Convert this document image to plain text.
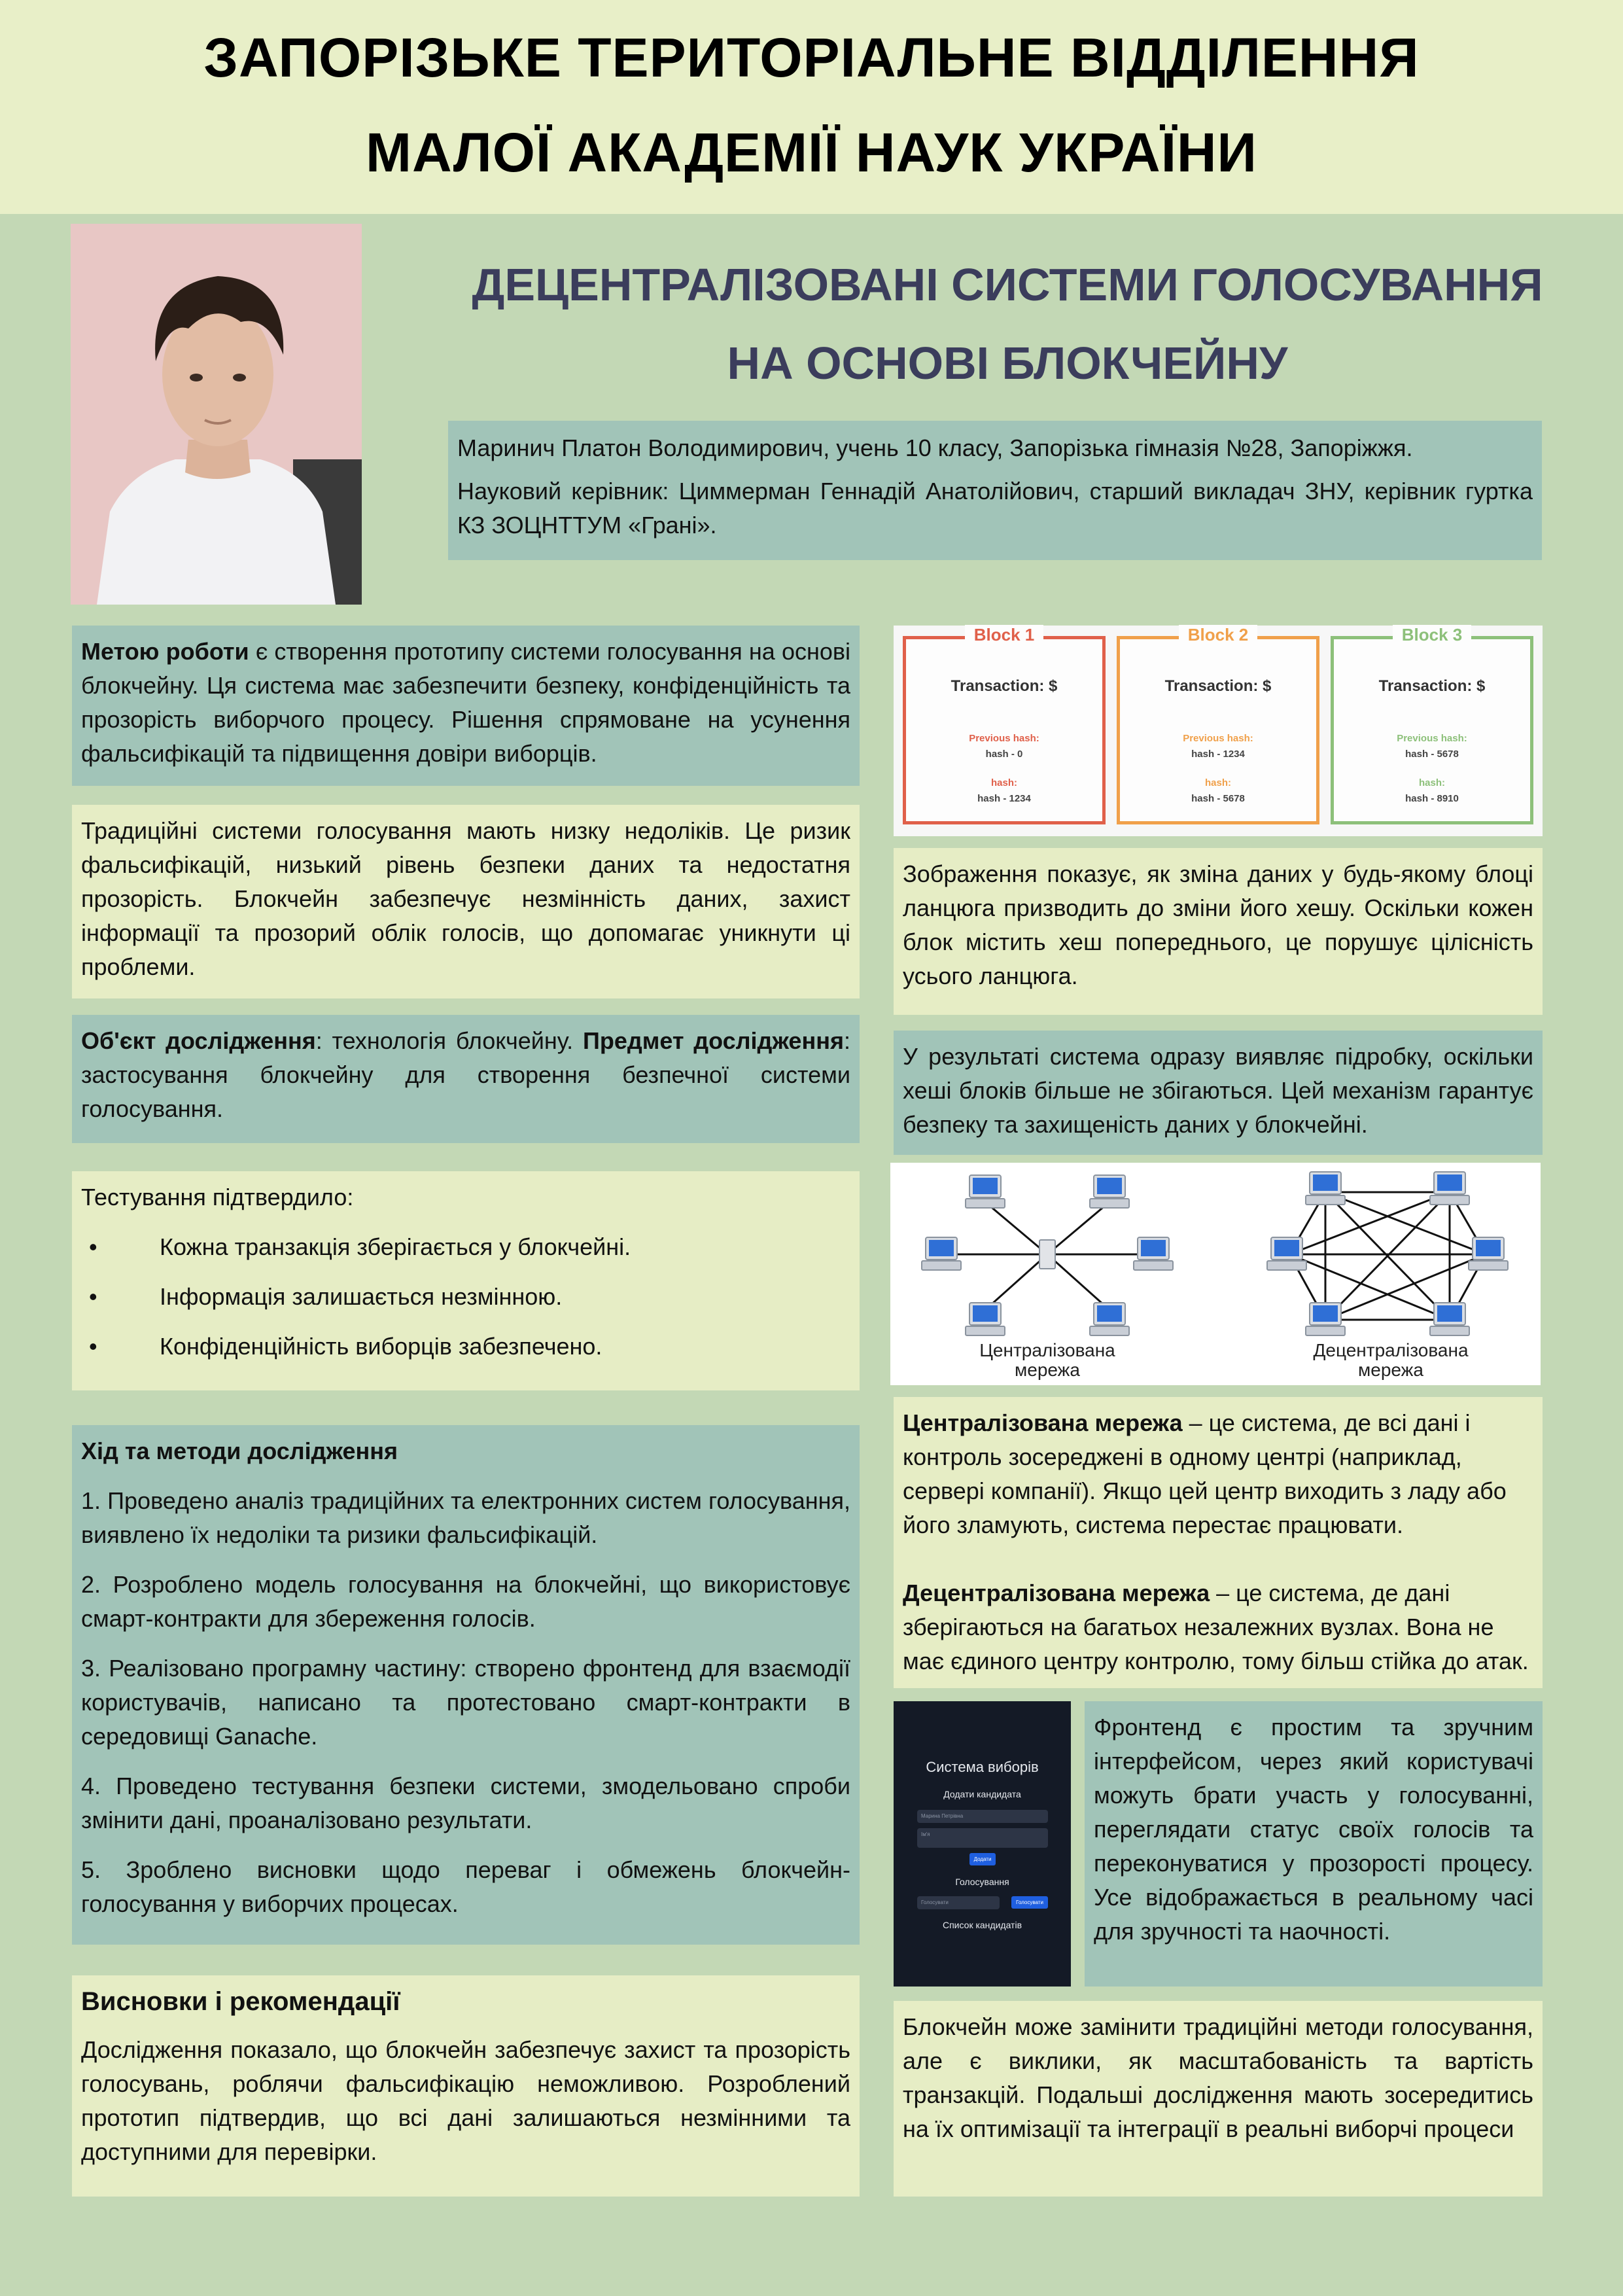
ЗАПОРІЗЬКЕ ТЕРИТОРІАЛЬНЕ ВІДДІЛЕННЯ
МАЛОЇ АКАДЕМІЇ НАУК УКРАЇНИ
ДЕЦЕНТРАЛІЗОВАНІ СИСТЕМИ ГОЛОСУВАННЯ
НА ОСНОВІ БЛОКЧЕЙНУ

Маринич Платон Володимирович, учень 10 класу, Запорізька гімназія №28, Запоріжжя.

Науковий керівник: Циммерман Геннадій Анатолійович, старший викладач ЗНУ, керівник гуртка КЗ ЗОЦНТТУМ «Грані».

Метою роботи є створення прототипу системи голосування на основі блокчейну. Ця система має забезпечити безпеку, конфіденційність та прозорість виборчого процесу. Рішення спрямоване на усунення фальсифікацій та підвищення довіри виборців.

Традиційні системи голосування мають низку недоліків. Це ризик фальсифікацій, низький рівень безпеки даних та недостатня прозорість. Блокчейн забезпечує незмінність даних, захист інформації та прозорий облік голосів, що допомагає уникнути ці проблеми.

Об'єкт дослідження: технологія блокчейну. Предмет дослідження: застосування блокчейну для створення безпечної системи голосування.

Тестування підтвердило:

• Кожна транзакція зберігається у блокчейні.
• Інформація залишається незмінною.
• Конфіденційність виборців забезпечено.
Хід та методи дослідження

1. Проведено аналіз традиційних та електронних систем голосування, виявлено їх недоліки та ризики фальсифікацій.

2. Розроблено модель голосування на блокчейні, що використовує смарт-контракти для збереження голосів.

3. Реалізовано програмну частину: створено фронтенд для взаємодії користувачів, написано та протестовано смарт-контракти в середовищі Ganache.

4. Проведено тестування безпеки системи, змодельовано спроби змінити дані, проаналізовано результати.

5. Зроблено висновки щодо переваг і обмежень блокчейн-голосування у виборчих процесах.

Висновки і рекомендації

Дослідження показало, що блокчейн забезпечує захист та прозорість голосувань, роблячи фальсифікацію неможливою. Розроблений прототип підтвердив, що всі дані залишаються незмінними та доступними для перевірки.

Block 1
Transaction: $
Previous hash:
hash - 0
hash:
hash - 1234
Block 2
Transaction: $
Previous hash:
hash - 1234
hash:
hash - 5678
Block 3
Transaction: $
Previous hash:
hash - 5678
hash:
hash - 8910

Зображення показує, як зміна даних у будь-якому блоці ланцюга призводить до зміни його хешу. Оскільки кожен блок містить хеш попереднього, це порушує цілісність усього ланцюга.

У результаті система одразу виявляє підробку, оскільки хеші блоків більше не збігаються. Цей механізм гарантує безпеку та захищеність даних у блокчейні.

Централізована мережа
Децентралізована мережа

Централізована мережа – це система, де всі дані і контроль зосереджені в одному центрі (наприклад, сервері компанії). Якщо цей центр виходить з ладу або його зламують, система перестає працювати.

Децентралізована мережа – це система, де дані зберігаються на багатьох незалежних вузлах. Вона не має єдиного центру контролю, тому більш стійка до атак.

Система виборів
Додати кандидата
Марина Петрівна
Ім'я
Додати
Голосування
Голосувати	Голосувати
Список кандидатів

Фронтенд є простим та зручним інтерфейсом, через який користувачі можуть брати участь у голосуванні, переглядати статус своїх голосів та переконуватися у прозорості процесу. Усе відображається в реальному часі для зручності та наочності.

Блокчейн може замінити традиційні методи голосування, але є виклики, як масштабованість та вартість транзакцій. Подальші дослідження мають зосередитись на їх оптимізації та інтеграції в реальні виборчі процеси
